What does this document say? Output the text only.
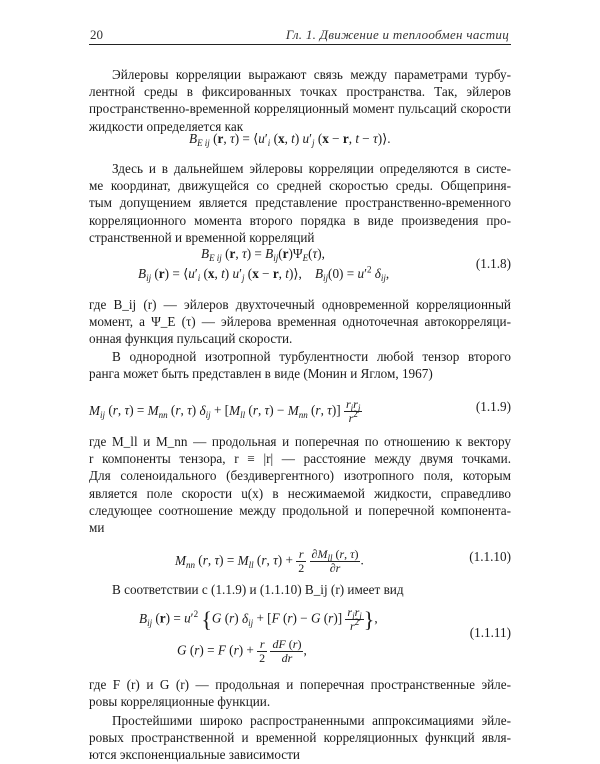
20	Гл. 1. Движение и теплообмен частиц
Эйлеровы корреляции выражают связь между параметрами турбу-
лентной среды в фиксированных точках пространства. Так, эйлеров
пространственно-временной корреляционный момент пульсаций скорости
жидкости определяется как
$B_{E ij}$ (r, $\tau) = ⟨u'_i$ (x, t) $u'_j$ (x − r, t − τ)⟩.
Здесь и в дальнейшем эйлеровы корреляции определяются в систе-
ме координат, движущейся со средней скоростью среды. Общеприня-
тым допущением является представление пространственно-временного
корреляционного момента второго порядка в виде произведения про-
странственной и временной корреляций
$B_{E ij}$ (r, $\tau) = B_{ij}(r)\Psi_E(\tau)$,
$B_{ij}$ $(r) = ⟨u'_i$ (x, t) $u'_j$ (x − r, t)⟩,    $B_{ij}(0) = u'^2$ $\delta_{ij}$,
(1.1.8)
где B_ij (r) — эйлеров двухточечный одновременной корреляционный
момент, а Ψ_E (τ) — эйлерова временная одноточечная автокорреляци-
онная функция пульсаций скорости.
В однородной изотропной турбулентности любой тензор второго
ранга может быть представлен в виде (Монин и Яглом, 1967)
$M_{ij}$ (r, $\tau) = M_{nn}$ (r, τ) $\delta_{ij} + [M_{ll}$ (r, $\tau) - M_{nn}$ (r, $\tau)] \frac{r_ir_j}{r^2}$	(1.1.9)
где M_ll и M_nn — продольная и поперечная по отношению к вектору
r компоненты тензора, r ≡ |r| — расстояние между двумя точками.
Для соленоидального (бездивергентного) изотропного поля, которым
является поле скорости u(x) в несжимаемой жидкости, справедливо
следующее соотношение между продольной и поперечной компонента-
ми
$M_{nn}$ (r, $\tau) = M_{ll}$ (r, $\tau) + \frac{r}{2}$
$\frac{\partial M_{ll} (r, \tau)}{\partial r}$ .	(1.1.10)
В соответствии с (1.1.9) и (1.1.10) B_ij (r) имеет вид
$B_{ij}$ $(r) = u'^2$ {G (r) $\delta_{ij} + [F$ (r) − G $(r)] \frac{r_ir_j}{r^2}$ },
G (r) = F $(r) + \frac{r}{2}$
$\frac{dF (r)}{dr}$ ,
(1.1.11)
где F (r) и G (r) — продольная и поперечная пространственные эйле-
ровы корреляционные функции.
Простейшими широко распространенными аппроксимациями эйле-
ровых пространственной и временной корреляционных функций явля-
ются экспоненциальные зависимости
